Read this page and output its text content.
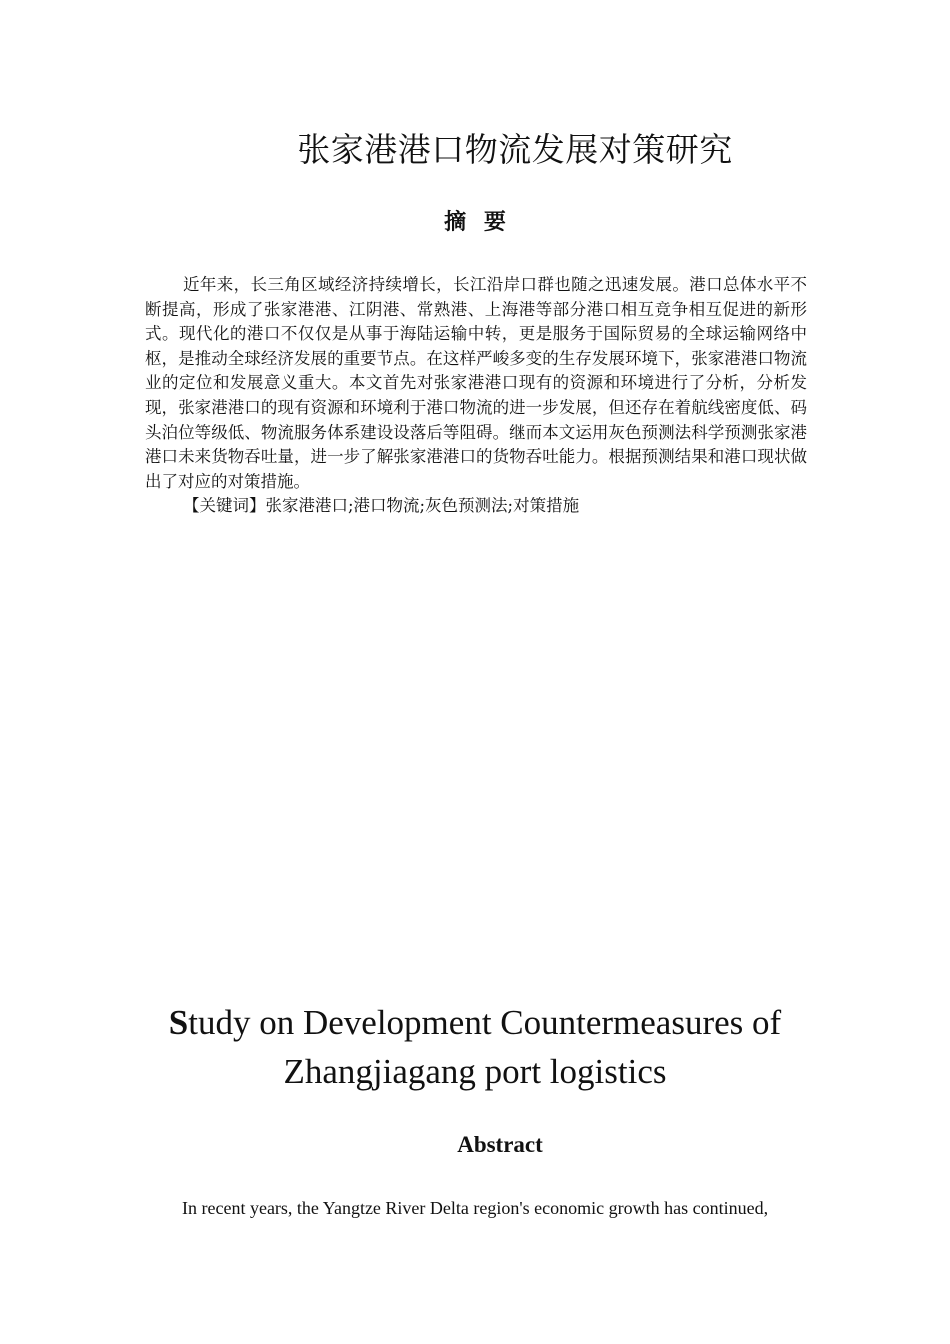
张家港港口物流发展对策研究
摘 要

近年来，长三角区域经济持续增长，长江沿岸口群也随之迅速发展。港口总体水平不断提高，形成了张家港港、江阴港、常熟港、上海港等部分港口相互竞争相互促进的新形式。现代化的港口不仅仅是从事于海陆运输中转，更是服务于国际贸易的全球运输网络中枢，是推动全球经济发展的重要节点。在这样严峻多变的生存发展环境下，张家港港口物流业的定位和发展意义重大。本文首先对张家港港口现有的资源和环境进行了分析，分析发现，张家港港口的现有资源和环境利于港口物流的进一步发展，但还存在着航线密度低、码头泊位等级低、物流服务体系建设设落后等阻碍。继而本文运用灰色预测法科学预测张家港港口未来货物吞吐量，进一步了解张家港港口的货物吞吐能力。根据预测结果和港口现状做出了对应的对策措施。

【关键词】张家港港口;港口物流;灰色预测法;对策措施

Study on Development Countermeasures of
Zhangjiagang port logistics
Abstract

In recent years, the Yangtze River Delta region's economic growth has continued,
